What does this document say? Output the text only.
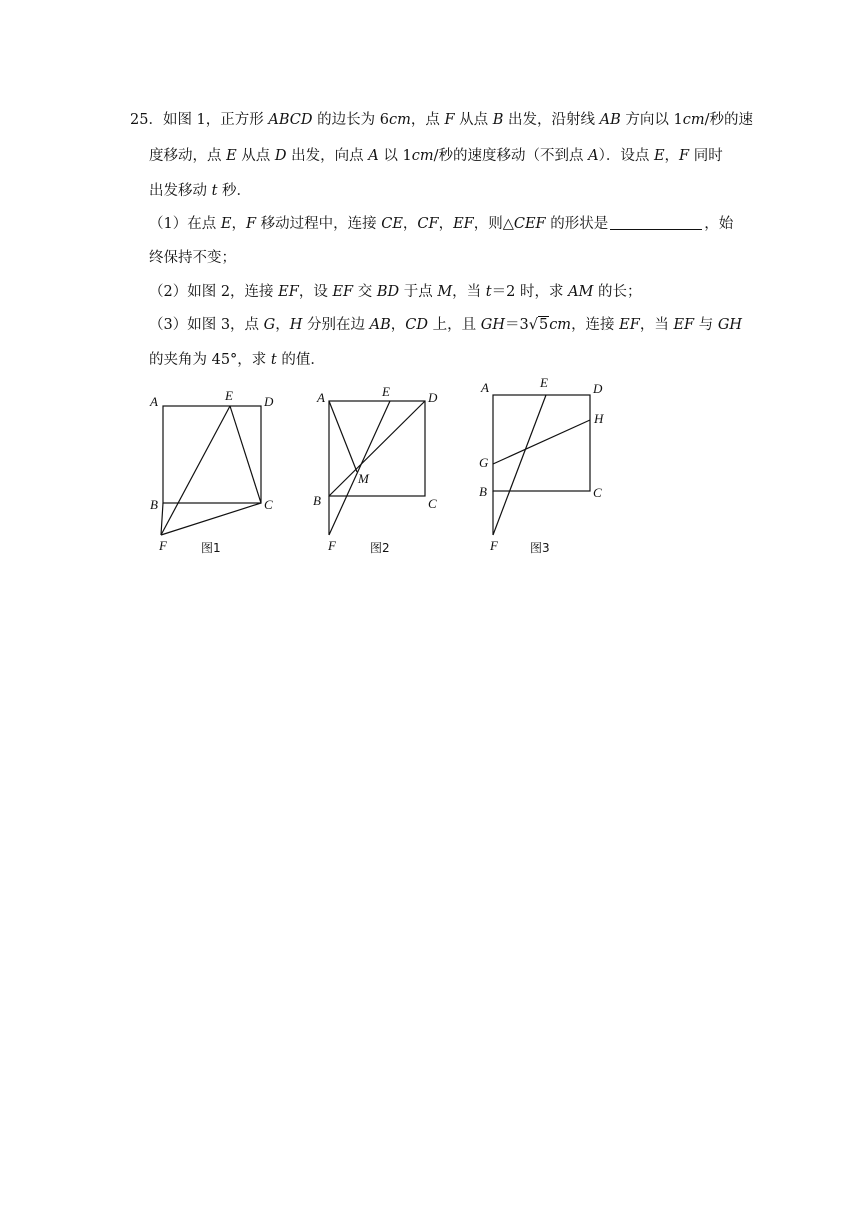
25．如图 1，正方形 ABCD 的边长为 6cm，点 F 从点 B 出发，沿射线 AB 方向以 1cm/秒的速
度移动，点 E 从点 D 出发，向点 A 以 1cm/秒的速度移动（不到点 A）．设点 E，F 同时
出发移动 t 秒．
（1）在点 E，F 移动过程中，连接 CE，CF，EF，则△CEF 的形状是	，始
终保持不变；
（2）如图 2，连接 EF，设 EF 交 BD 于点 M，当 t＝2 时，求 AM 的长；
（3）如图 3，点 G，H 分别在边 AB，CD 上，且 GH＝3√5cm，连接 EF，当 EF 与 GH
的夹角为 45°，求 t 的值．
A	E D
B	C
F	图1
A	E	D
M
B	C
F	图2
A	E	D
H
G
B	C
F	图3
